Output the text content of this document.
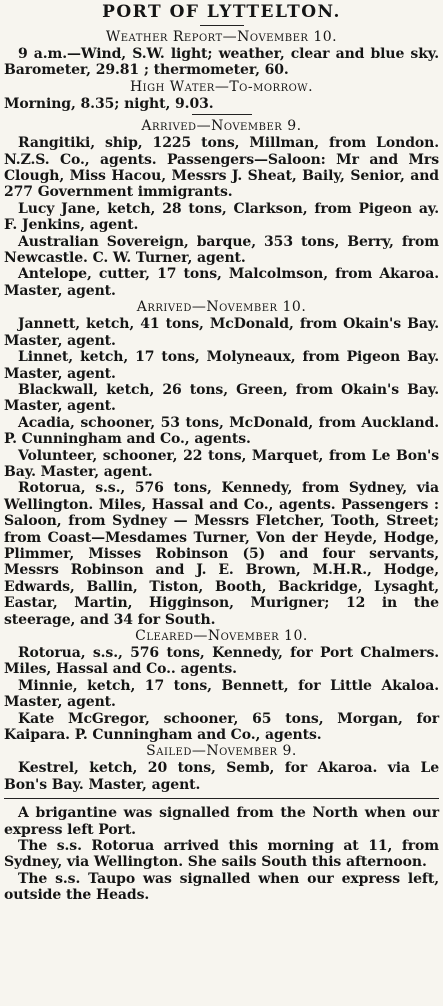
PORT OF LYTTELTON.
Weather Report—November 10.

9 a.m.—Wind, S.W. light; weather, clear and blue sky. Barometer, 29.81 ; thermometer, 60.

High Water—To-morrow.

Morning, 8.35; night, 9.03.

Arrived—November 9.

Rangitiki, ship, 1225 tons, Millman, from London. N.Z.S. Co., agents. Passengers—Saloon: Mr and Mrs Clough, Miss Hacou, Messrs J. Sheat, Baily, Senior, and 277 Government immigrants.

Lucy Jane, ketch, 28 tons, Clarkson, from Pigeon ay. F. Jenkins, agent.

Australian Sovereign, barque, 353 tons, Berry, from Newcastle. C. W. Turner, agent.

Antelope, cutter, 17 tons, Malcolmson, from Akaroa. Master, agent.

Arrived—November 10.

Jannett, ketch, 41 tons, McDonald, from Okain's Bay. Master, agent.

Linnet, ketch, 17 tons, Molyneaux, from Pigeon Bay. Master, agent.

Blackwall, ketch, 26 tons, Green, from Okain's Bay. Master, agent.

Acadia, schooner, 53 tons, McDonald, from Auckland. P. Cunningham and Co., agents.

Volunteer, schooner, 22 tons, Marquet, from Le Bon's Bay. Master, agent.

Rotorua, s.s., 576 tons, Kennedy, from Sydney, via Wellington. Miles, Hassal and Co., agents. Passengers : Saloon, from Sydney — Messrs Fletcher, Tooth, Street; from Coast—Mesdames Turner, Von der Heyde, Hodge, Plimmer, Misses Robinson (5) and four servants, Messrs Robinson and J. E. Brown, M.H.R., Hodge, Edwards, Ballin, Tiston, Booth, Backridge, Lysaght, Eastar, Martin, Higginson, Murigner; 12 in the steerage, and 34 for South.

Cleared—November 10.

Rotorua, s.s., 576 tons, Kennedy, for Port Chalmers. Miles, Hassal and Co.. agents.

Minnie, ketch, 17 tons, Bennett, for Little Akaloa. Master, agent.

Kate McGregor, schooner, 65 tons, Morgan, for Kaipara. P. Cunningham and Co., agents.

Sailed—November 9.

Kestrel, ketch, 20 tons, Semb, for Akaroa. via Le Bon's Bay. Master, agent.

A brigantine was signalled from the North when our express left Port.

The s.s. Rotorua arrived this morning at 11, from Sydney, via Wellington. She sails South this afternoon.

The s.s. Taupo was signalled when our express left, outside the Heads.
